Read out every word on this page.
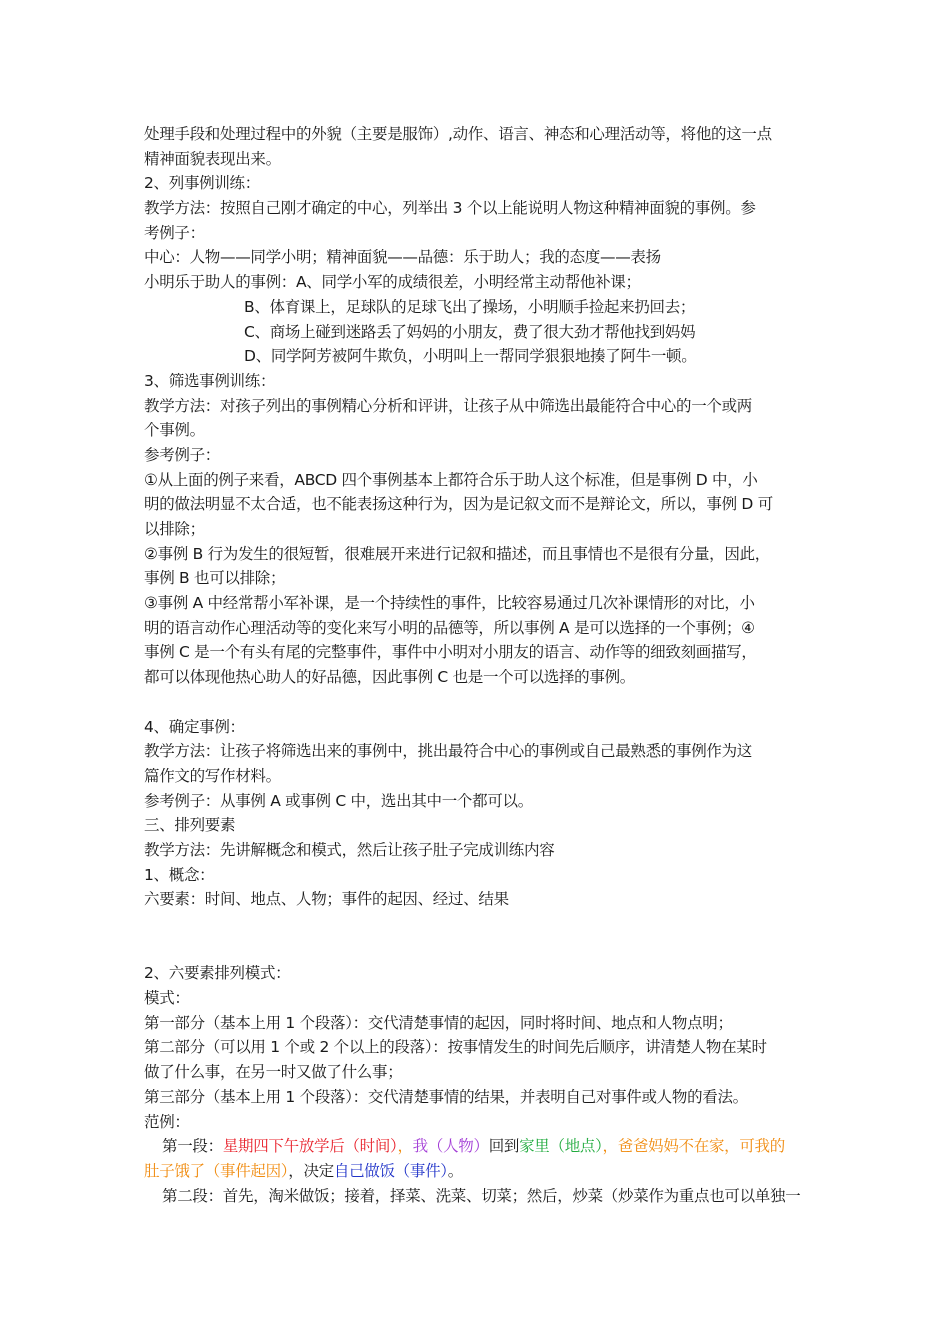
处理手段和处理过程中的外貌（主要是服饰）,动作、语言、神态和心理活动等，将他的这一点
精神面貌表现出来。
2、列事例训练：
教学方法：按照自己刚才确定的中心，列举出 3 个以上能说明人物这种精神面貌的事例。参
考例子：
中心：人物——同学小明；精神面貌——品德：乐于助人；我的态度——表扬
小明乐于助人的事例：A、同学小军的成绩很差，小明经常主动帮他补课；
B、体育课上，足球队的足球飞出了操场，小明顺手捡起来扔回去；
C、商场上碰到迷路丢了妈妈的小朋友，费了很大劲才帮他找到妈妈
D、同学阿芳被阿牛欺负，小明叫上一帮同学狠狠地揍了阿牛一顿。
3、筛选事例训练：
教学方法：对孩子列出的事例精心分析和评讲，让孩子从中筛选出最能符合中心的一个或两
个事例。
参考例子：
①从上面的例子来看，ABCD 四个事例基本上都符合乐于助人这个标准，但是事例 D 中，小
明的做法明显不太合适，也不能表扬这种行为，因为是记叙文而不是辩论文，所以，事例 D 可
以排除；
②事例 B 行为发生的很短暂，很难展开来进行记叙和描述，而且事情也不是很有分量，因此，
事例 B 也可以排除；
③事例 A 中经常帮小军补课，是一个持续性的事件，比较容易通过几次补课情形的对比，小
明的语言动作心理活动等的变化来写小明的品德等，所以事例 A 是可以选择的一个事例；④
事例 C 是一个有头有尾的完整事件，事件中小明对小朋友的语言、动作等的细致刻画描写，
都可以体现他热心助人的好品德，因此事例 C 也是一个可以选择的事例。
4、确定事例：
教学方法：让孩子将筛选出来的事例中，挑出最符合中心的事例或自己最熟悉的事例作为这
篇作文的写作材料。
参考例子：从事例 A 或事例 C 中，选出其中一个都可以。
三、排列要素
教学方法：先讲解概念和模式，然后让孩子肚子完成训练内容
1、概念：
六要素：时间、地点、人物；事件的起因、经过、结果
2、六要素排列模式：
模式：
第一部分（基本上用 1 个段落）：交代清楚事情的起因，同时将时间、地点和人物点明；
第二部分（可以用 1 个或 2 个以上的段落）：按事情发生的时间先后顺序，讲清楚人物在某时
做了什么事，在另一时又做了什么事；
第三部分（基本上用 1 个段落）：交代清楚事情的结果，并表明自己对事件或人物的看法。
范例：
第一段：星期四下午放学后（时间），我（人物）回到家里（地点），爸爸妈妈不在家，可我的
肚子饿了（事件起因），决定自己做饭（事件）。
第二段：首先，淘米做饭；接着，择菜、洗菜、切菜；然后，炒菜（炒菜作为重点也可以单独一
